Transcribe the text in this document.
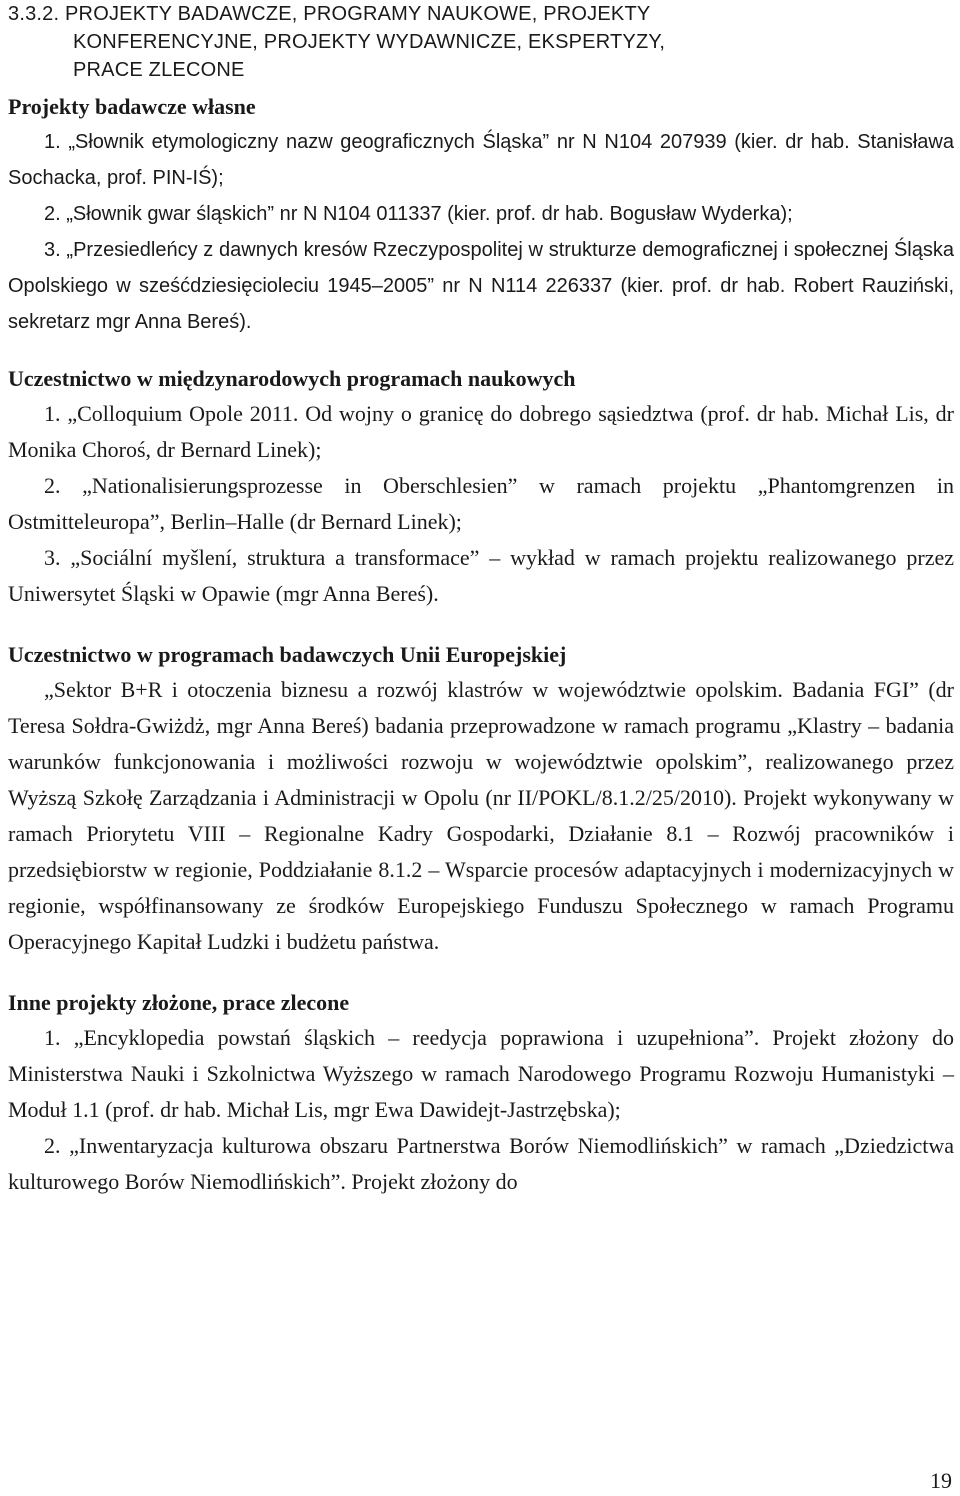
3.3.2. PROJEKTY BADAWCZE, PROGRAMY NAUKOWE, PROJEKTY
KONFERENCYJNE, PROJEKTY WYDAWNICZE, EKSPERTYZY,
PRACE ZLECONE
Projekty badawcze własne

1. „Słownik etymologiczny nazw geograficznych Śląska” nr N N104 207939 (kier. dr hab. Stanisława Sochacka, prof. PIN-IŚ);

2. „Słownik gwar śląskich” nr N N104 011337 (kier. prof. dr hab. Bogusław Wyderka);

3. „Przesiedleńcy z dawnych kresów Rzeczypospolitej w strukturze demograficznej i społecznej Śląska Opolskiego w sześćdziesięcioleciu 1945–2005” nr N N114 226337 (kier. prof. dr hab. Robert Rauziński, sekretarz mgr Anna Bereś).

Uczestnictwo w międzynarodowych programach naukowych

1. „Colloquium Opole 2011. Od wojny o granicę do dobrego sąsiedztwa (prof. dr hab. Michał Lis, dr Monika Choroś, dr Bernard Linek);

2. „Nationalisierungsprozesse in Oberschlesien” w ramach projektu „Phantomgrenzen in Ostmitteleuropa”, Berlin–Halle (dr Bernard Linek);

3. „Sociální myšlení, struktura a transformace” – wykład w ramach projektu realizowanego przez Uniwersytet Śląski w Opawie (mgr Anna Bereś).

Uczestnictwo w programach badawczych Unii Europejskiej

„Sektor B+R i otoczenia biznesu a rozwój klastrów w województwie opolskim. Badania FGI” (dr Teresa Sołdra-Gwiżdż, mgr Anna Bereś) badania przeprowadzone w ramach programu „Klastry – badania warunków funkcjonowania i możliwości rozwoju w województwie opolskim”, realizowanego przez Wyższą Szkołę Zarządzania i Administracji w Opolu (nr II/POKL/8.1.2/25/2010). Projekt wykonywany w ramach Priorytetu VIII – Regionalne Kadry Gospodarki, Działanie 8.1 – Rozwój pracowników i przedsiębiorstw w regionie, Poddziałanie 8.1.2 – Wsparcie procesów adaptacyjnych i modernizacyjnych w regionie, współfinansowany ze środków Europejskiego Funduszu Społecznego w ramach Programu Operacyjnego Kapitał Ludzki i budżetu państwa.

Inne projekty złożone, prace zlecone

1. „Encyklopedia powstań śląskich – reedycja poprawiona i uzupełniona”. Projekt złożony do Ministerstwa Nauki i Szkolnictwa Wyższego w ramach Narodowego Programu Rozwoju Humanistyki – Moduł 1.1 (prof. dr hab. Michał Lis, mgr Ewa Dawidejt-Jastrzębska);

2. „Inwentaryzacja kulturowa obszaru Partnerstwa Borów Niemodlińskich” w ramach „Dziedzictwa kulturowego Borów Niemodlińskich”. Projekt złożony do

19
